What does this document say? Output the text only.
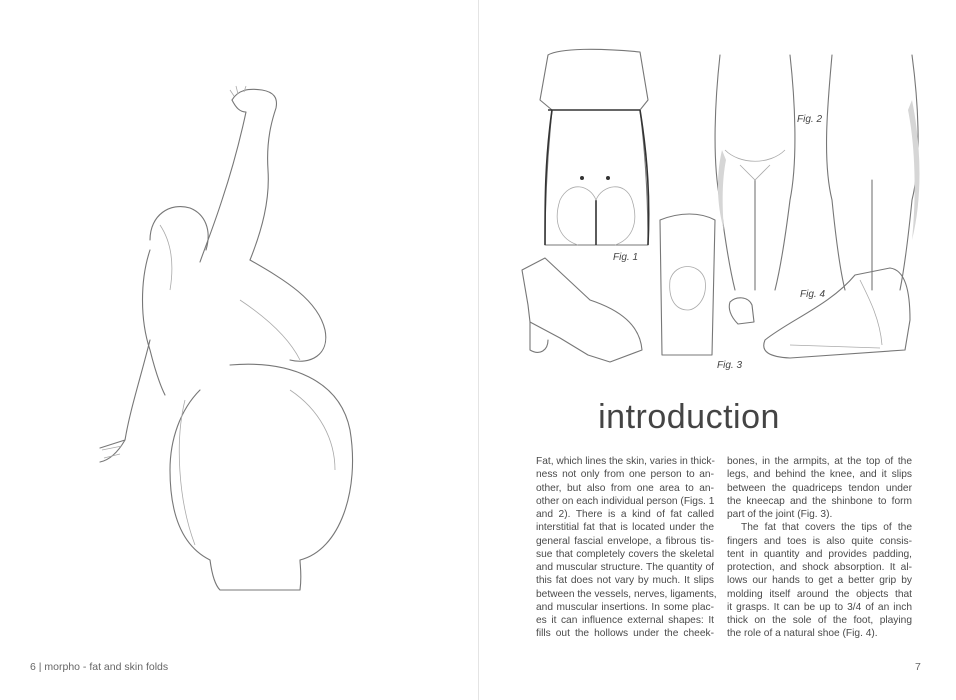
6 | morpho - fat and skin folds
Fig. 2
Fig. 1
Fig. 4
Fig. 3
introduction
Fat, which lines the skin, varies in thick-
ness not only from one person to an-
other, but also from one area to an-
other on each individual person (Figs. 1
and 2). There is a kind of fat called
interstitial fat that is located under the
general fascial envelope, a fibrous tis-
sue that completely covers the skeletal
and muscular structure. The quantity of
this fat does not vary by much. It slips
between the vessels, nerves, ligaments,
and muscular insertions. In some plac-
es it can influence external shapes: It
fills out the hollows under the cheek-
bones, in the armpits, at the top of the
legs, and behind the knee, and it slips
between the quadriceps tendon under
the kneecap and the shinbone to form
part of the joint (Fig. 3).
The fat that covers the tips of the
fingers and toes is also quite consis-
tent in quantity and provides padding,
protection, and shock absorption. It al-
lows our hands to get a better grip by
molding itself around the objects that
it grasps. It can be up to 3/4 of an inch
thick on the sole of the foot, playing
the role of a natural shoe (Fig. 4).
7
